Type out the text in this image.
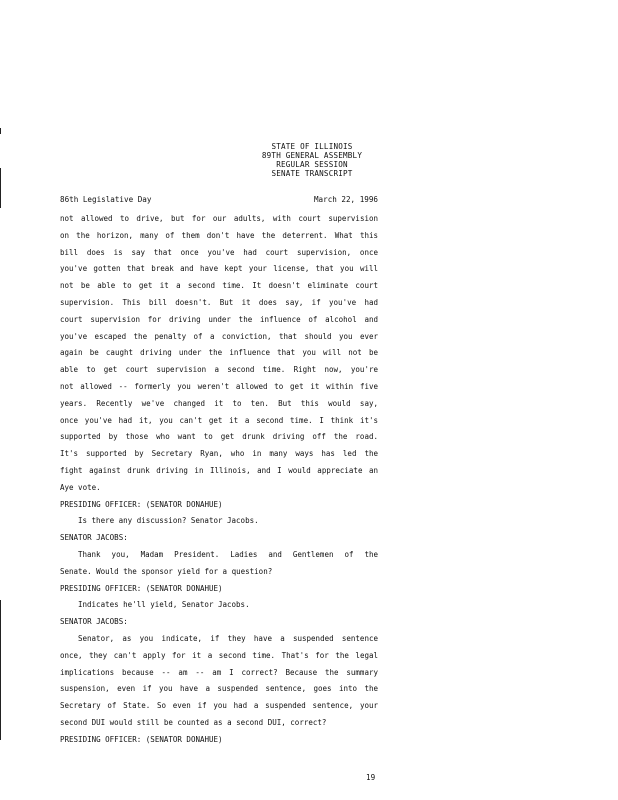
STATE OF ILLINOIS
89TH GENERAL ASSEMBLY
REGULAR SESSION
SENATE TRANSCRIPT
86th Legislative Day	March 22, 1996
not allowed to drive, but for our adults, with court supervision
on the horizon, many of them don't have the deterrent. What this
bill does is say that once you've had court supervision, once
you've gotten that break and have kept your license, that you will
not be able to get it a second time. It doesn't eliminate court
supervision. This bill doesn't. But it does say, if you've had
court supervision for driving under the influence of alcohol and
you've escaped the penalty of a conviction, that should you ever
again be caught driving under the influence that you will not be
able to get court supervision a second time. Right now, you're
not allowed -- formerly you weren't allowed to get it within five
years. Recently we've changed it to ten. But this would say,
once you've had it, you can't get it a second time. I think it's
supported by those who want to get drunk driving off the road.
It's supported by Secretary Ryan, who in many ways has led the
fight against drunk driving in Illinois, and I would appreciate an
Aye vote.
PRESIDING OFFICER: (SENATOR DONAHUE)
Is there any discussion? Senator Jacobs.
SENATOR JACOBS:
Thank you, Madam President. Ladies and Gentlemen of the
Senate. Would the sponsor yield for a question?
PRESIDING OFFICER: (SENATOR DONAHUE)
Indicates he'll yield, Senator Jacobs.
SENATOR JACOBS:
Senator, as you indicate, if they have a suspended sentence
once, they can't apply for it a second time. That's for the legal
implications because -- am -- am I correct? Because the summary
suspension, even if you have a suspended sentence, goes into the
Secretary of State. So even if you had a suspended sentence, your
second DUI would still be counted as a second DUI, correct?
PRESIDING OFFICER: (SENATOR DONAHUE)
19
